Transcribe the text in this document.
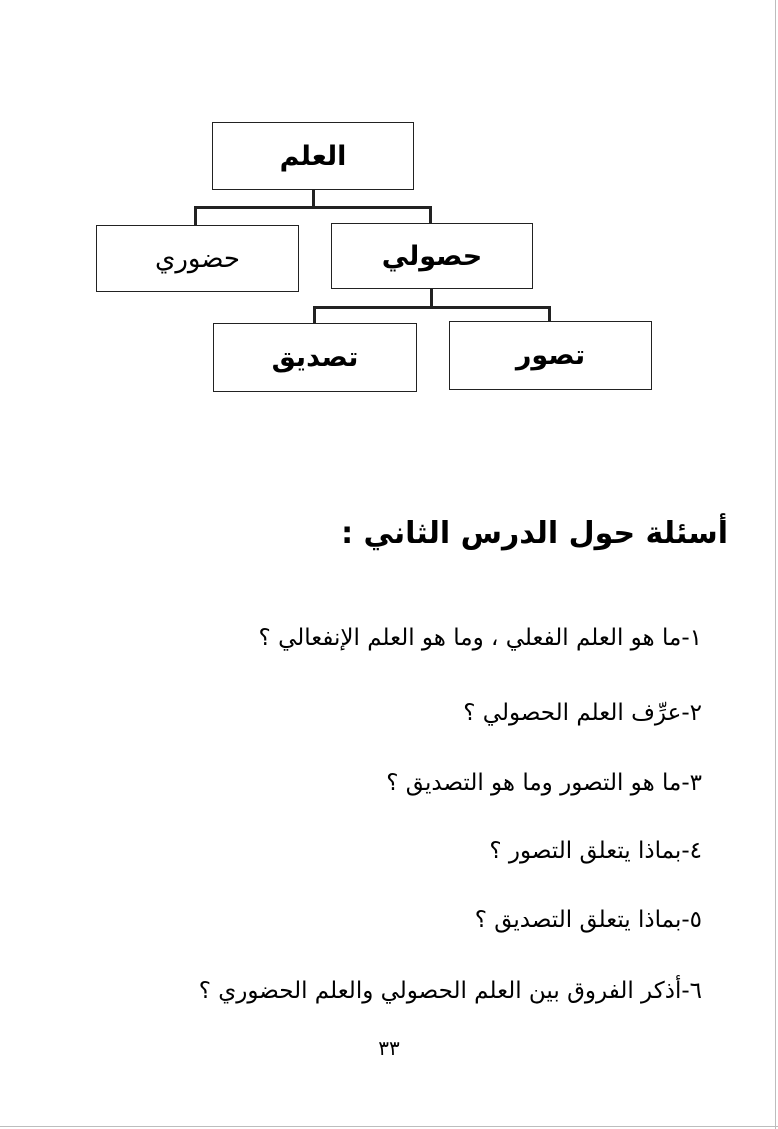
العلم
حصولي
حضوري
تصور
تصديق
أسئلة حول الدرس الثاني :
١-ما هو العلم الفعلي ، وما هو العلم الإنفعالي ؟
٢-عرِّف العلم الحصولي ؟
٣-ما هو التصور وما هو التصديق ؟
٤-بماذا يتعلق التصور ؟
٥-بماذا يتعلق التصديق ؟
٦-أذكر الفروق بين العلم الحصولي والعلم الحضوري ؟
٣٣
